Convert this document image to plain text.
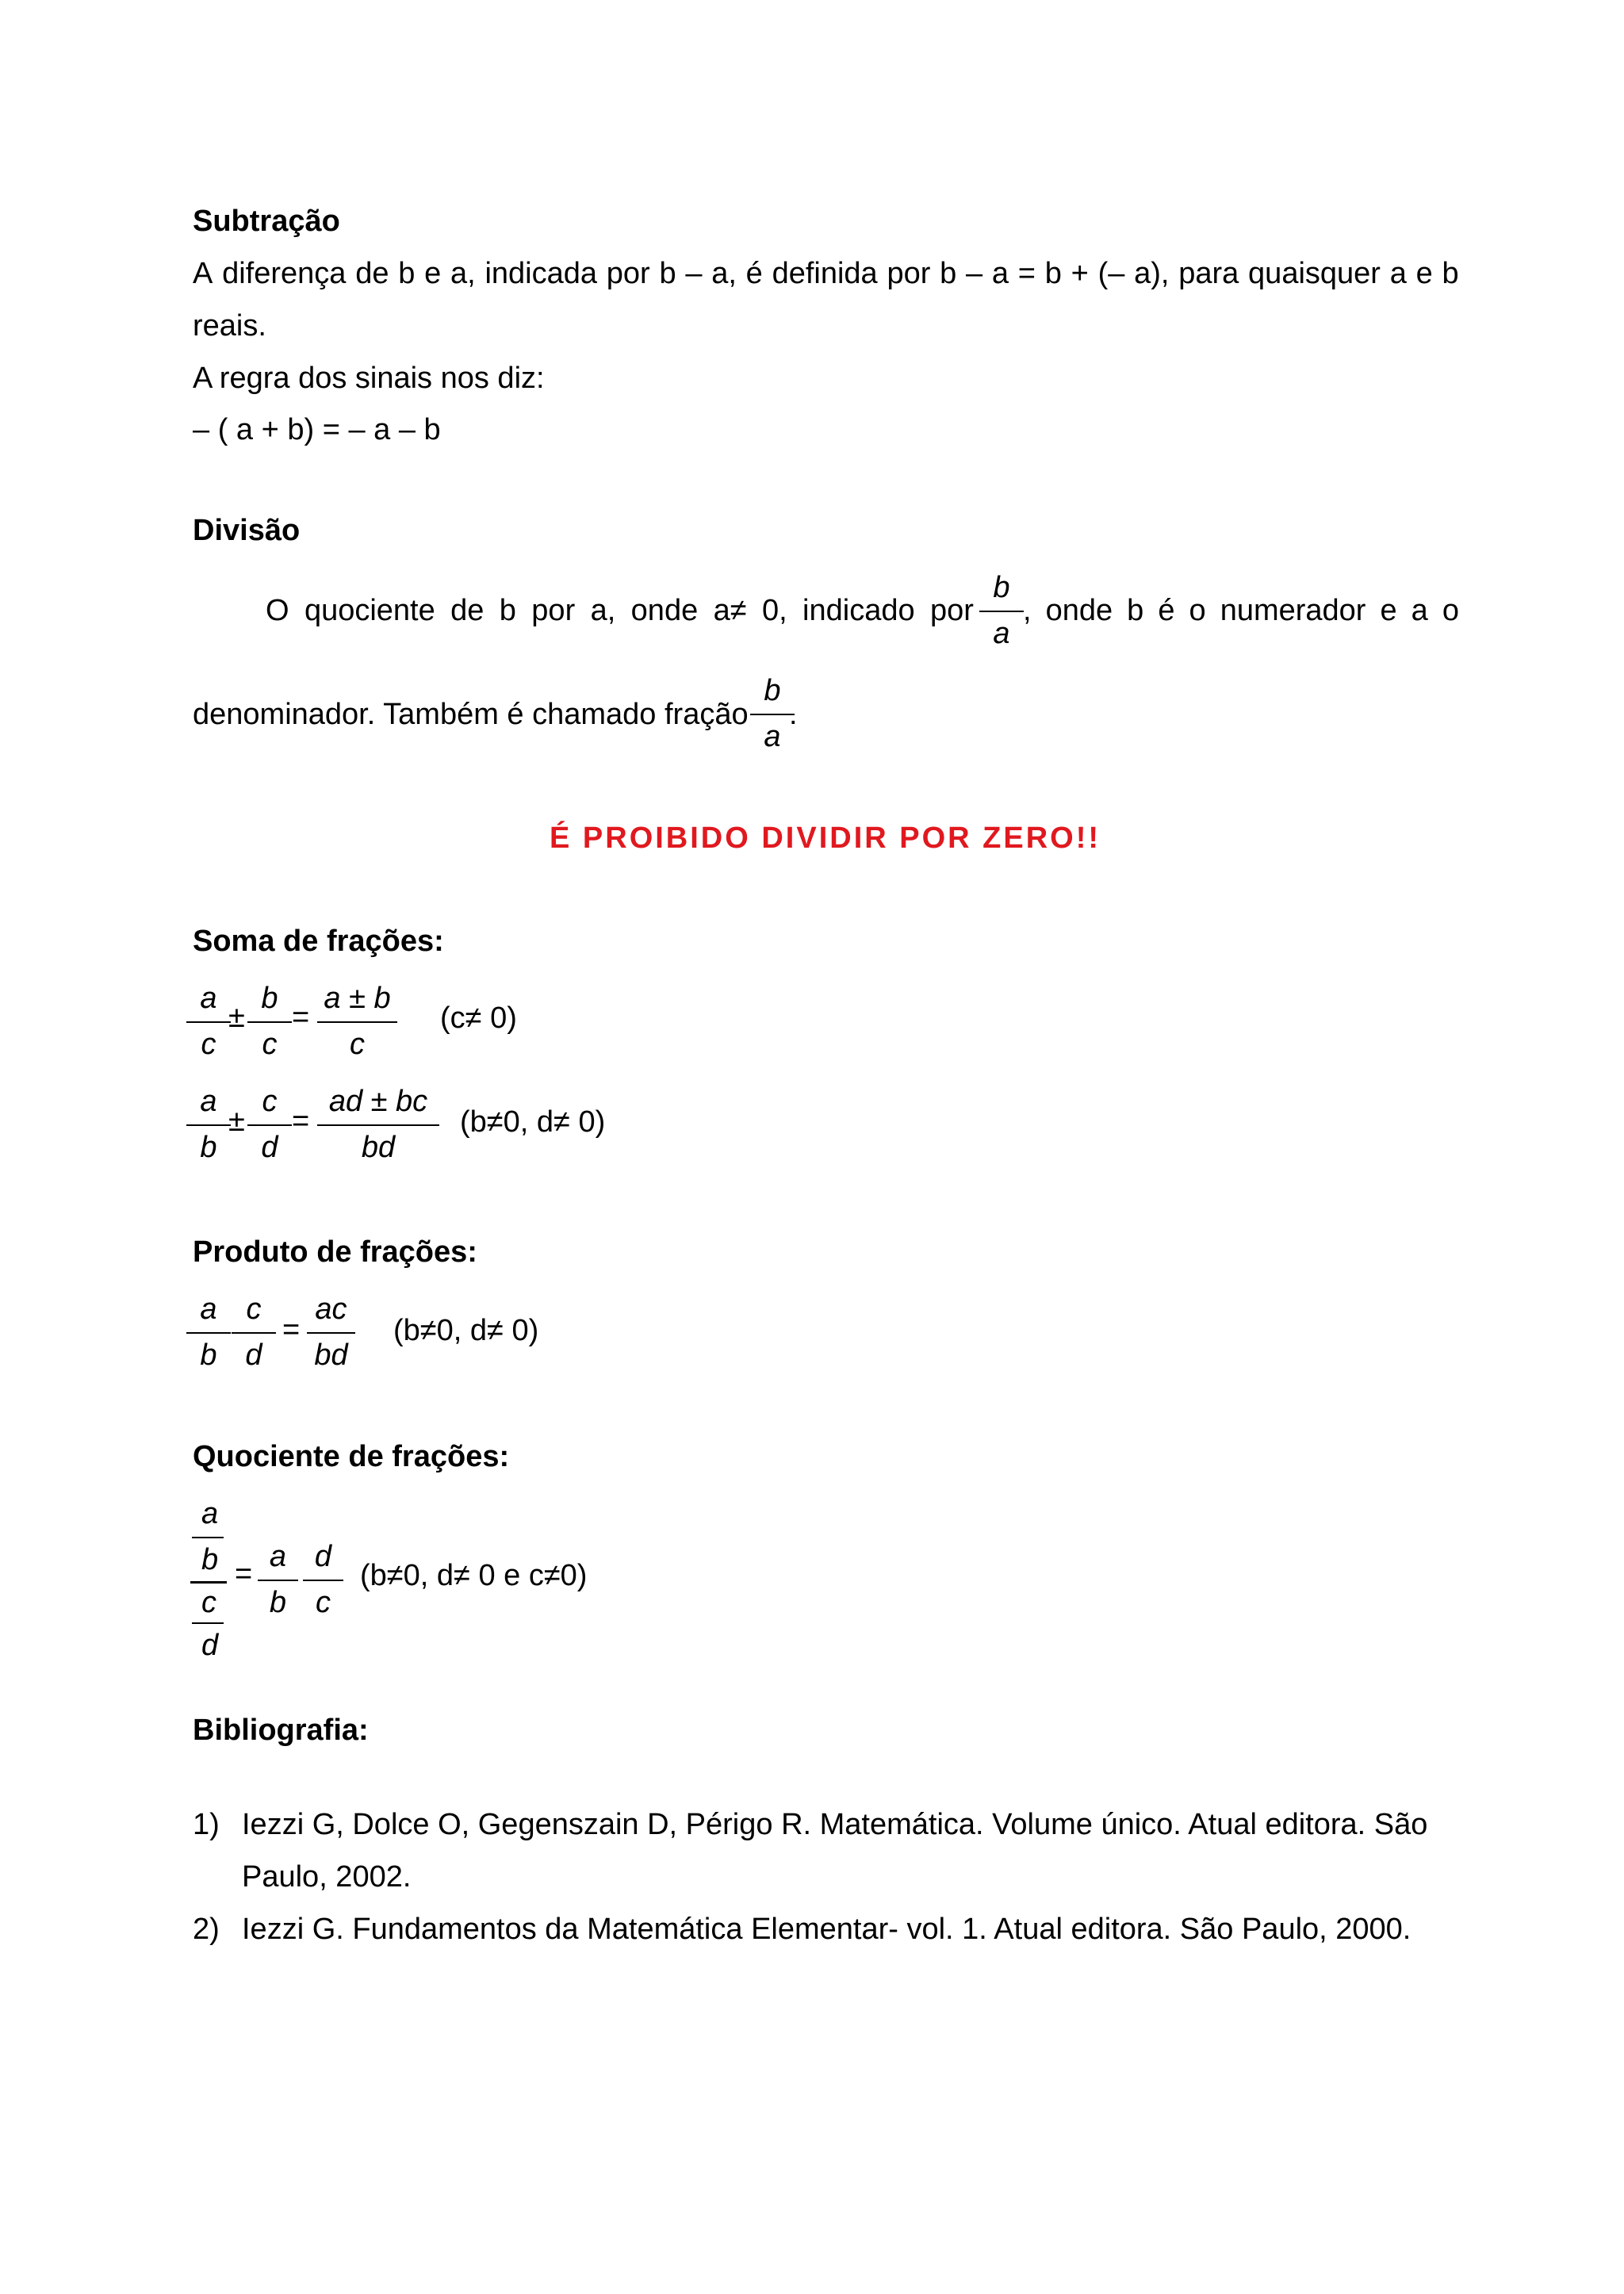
Subtração
A diferença de b e a, indicada por b – a, é definida por b – a = b + (– a), para quaisquer a e b
reais.
A regra dos sinais nos diz:
– ( a + b) = – a – b
Divisão
O quociente de b por a, onde a≠ 0, indicado por
b
a
, onde b é o numerador e a o
denominador. Também é chamado fração
b
a
.
É PROIBIDO DIVIDIR POR ZERO!!
Soma de frações:
a
c
±
b
c
=
a ± b
c
(c≠ 0)
a
b
±
c
d
=
ad ± bc
bd
(b≠0, d≠ 0)
Produto de frações:
a
b
c
d
=
ac
bd
(b≠0, d≠ 0)
Quociente de frações:
a
b
c
d
=
a
b
d
c
(b≠0, d≠ 0 e c≠0)
Bibliografia:
1) Iezzi G, Dolce O, Gegenszain D, Périgo R. Matemática. Volume único. Atual editora. São
Paulo, 2002.
2) Iezzi G. Fundamentos da Matemática Elementar- vol. 1. Atual editora. São Paulo, 2000.
